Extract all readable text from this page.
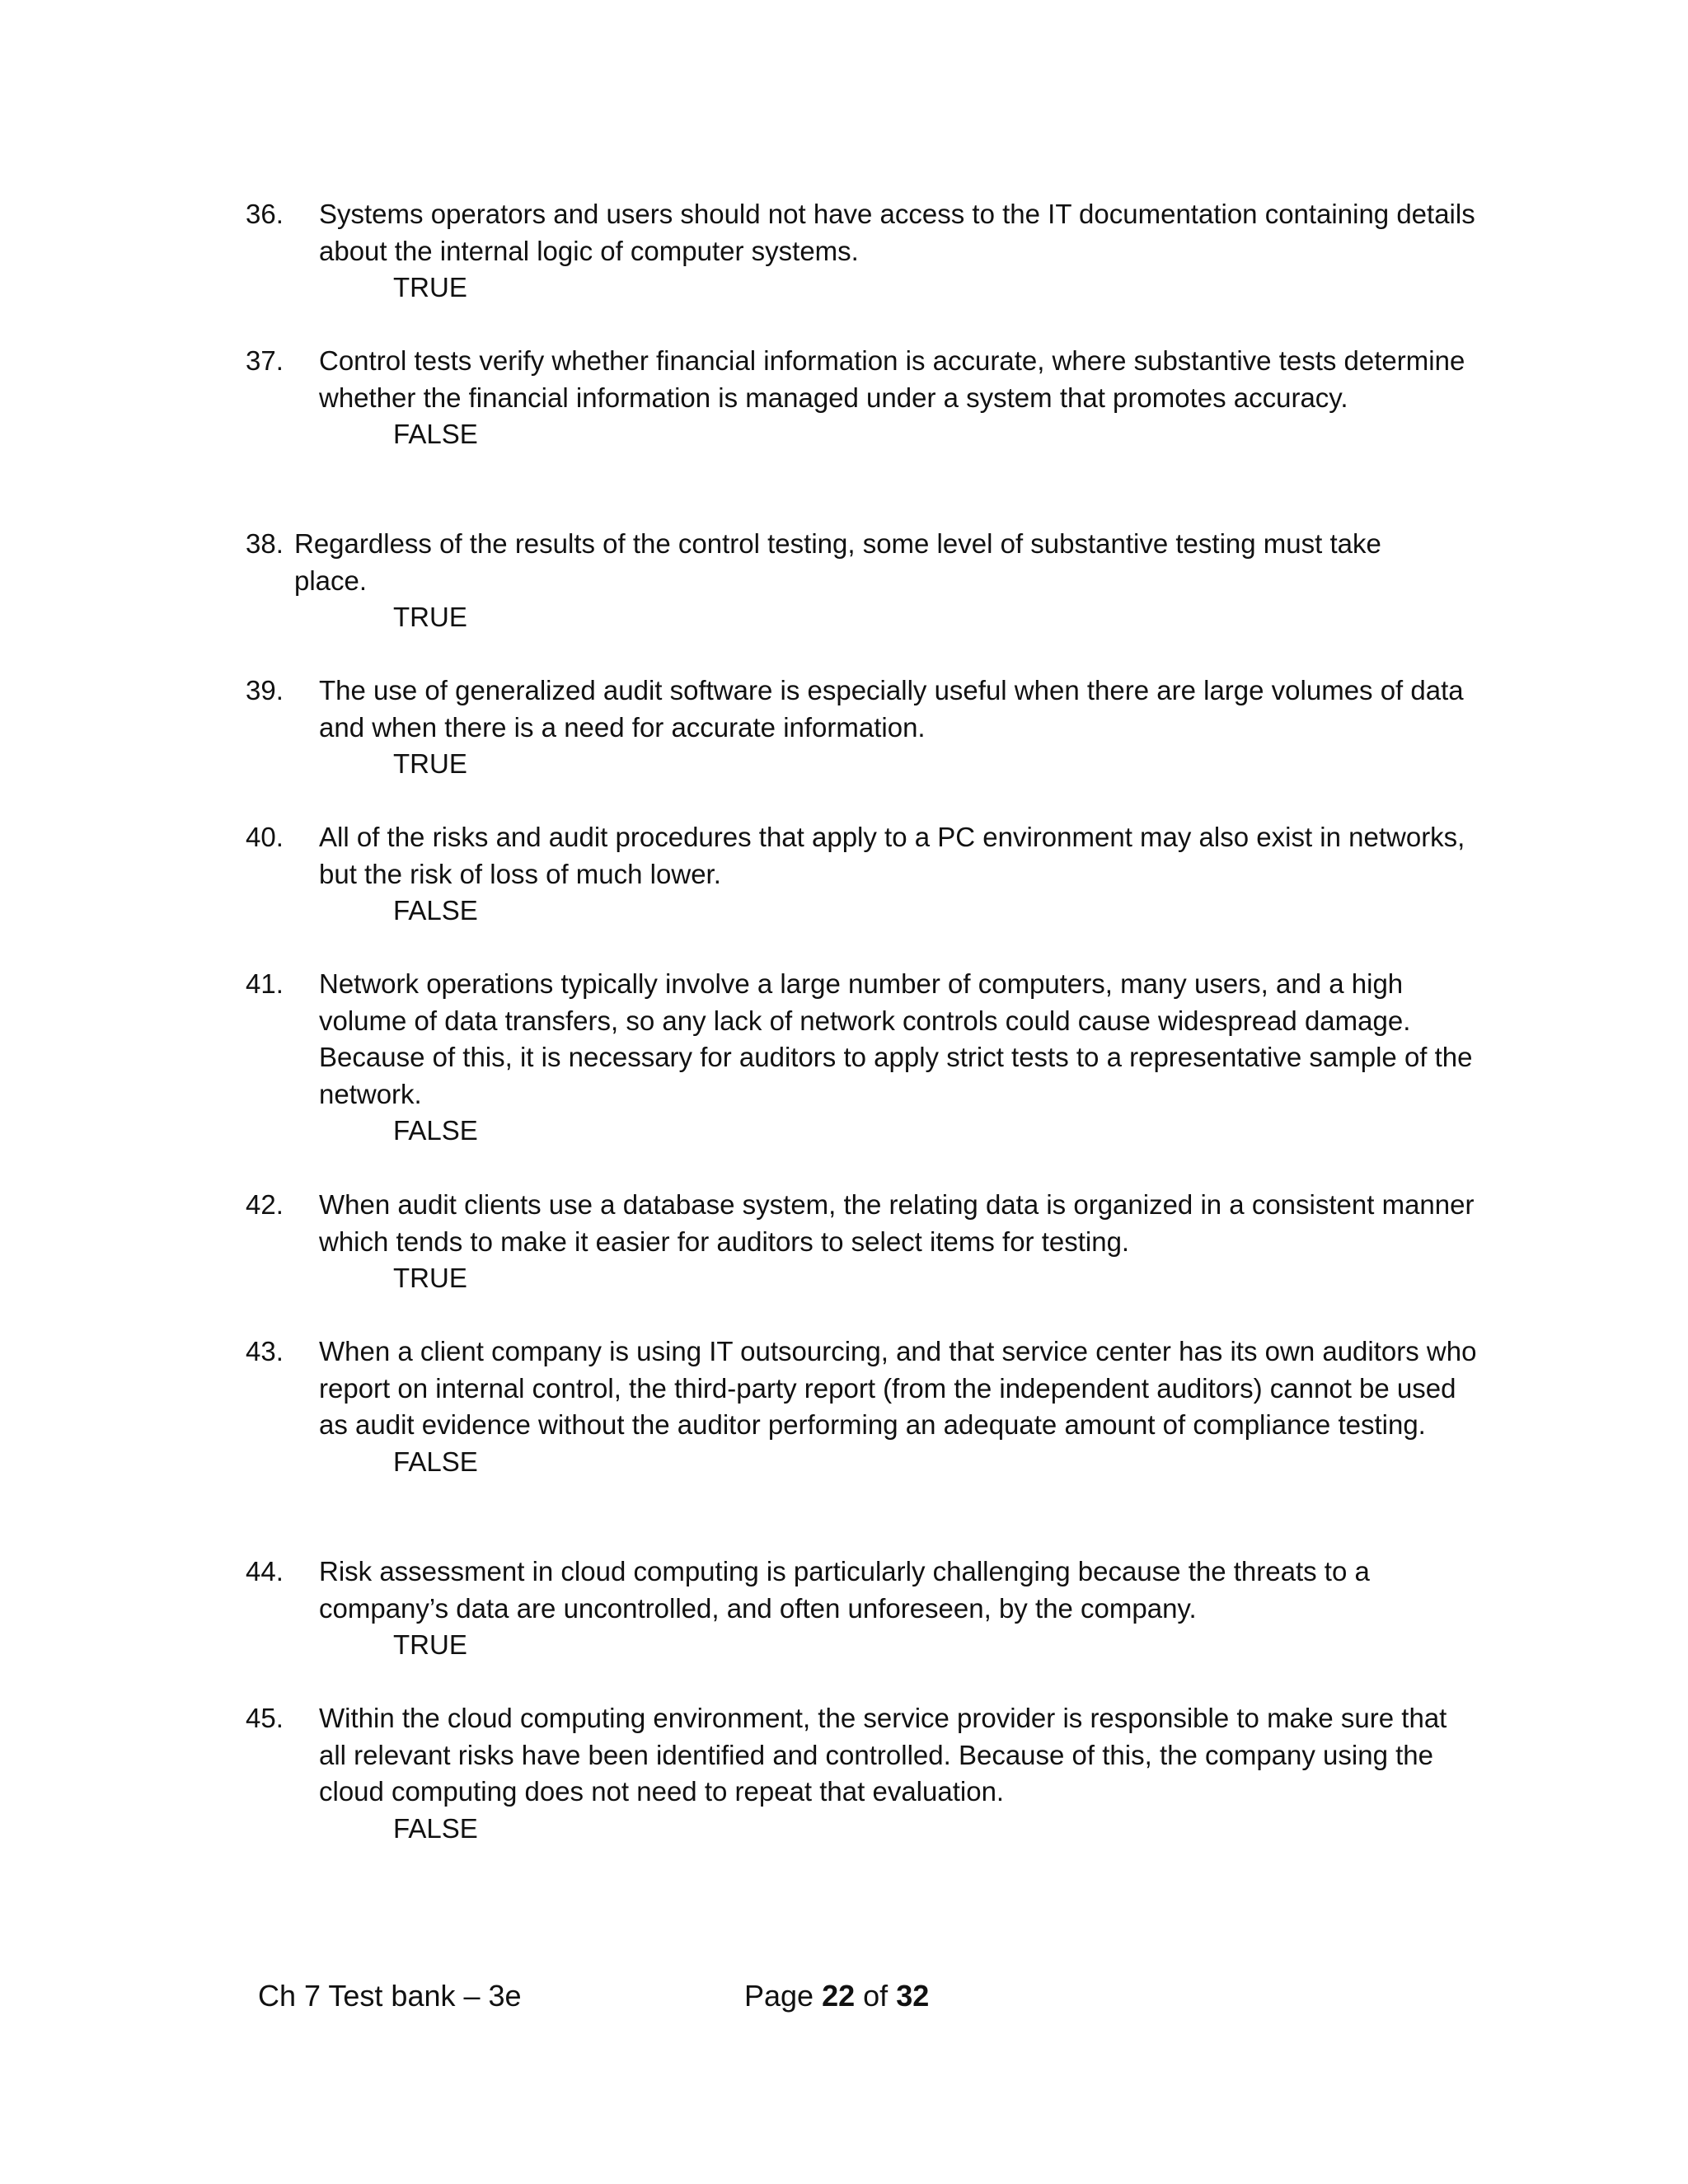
36.	Systems operators and users should not have access to the IT documentation containing details about the internal logic of computer systems.
TRUE
37.	Control tests verify whether financial information is accurate, where substantive tests determine whether the financial information is managed under a system that promotes accuracy.
FALSE
38. Regardless of the results of the control testing, some level of substantive testing must take place.
TRUE
39.	The use of generalized audit software is especially useful when there are large volumes of data and when there is a need for accurate information.
TRUE
40.	All of the risks and audit procedures that apply to a PC environment may also exist in networks, but the risk of loss of much lower.
FALSE
41.	Network operations typically involve a large number of computers, many users, and a high volume of data transfers, so any lack of network controls could cause widespread damage. Because of this, it is necessary for auditors to apply strict tests to a representative sample of the network.
FALSE
42.	When audit clients use a database system, the relating data is organized in a consistent manner which tends to make it easier for auditors to select items for testing.
TRUE
43.	When a client company is using IT outsourcing, and that service center has its own auditors who report on internal control, the third-party report (from the independent auditors) cannot be used as audit evidence without the auditor performing an adequate amount of compliance testing.
FALSE
44.	Risk assessment in cloud computing is particularly challenging because the threats to a company’s data are uncontrolled, and often unforeseen, by the company.
TRUE
45.	Within the cloud computing environment, the service provider is responsible to make sure that all relevant risks have been identified and controlled. Because of this, the company using the cloud computing does not need to repeat that evaluation.
FALSE
Ch 7 Test bank – 3e	Page 22 of 32
